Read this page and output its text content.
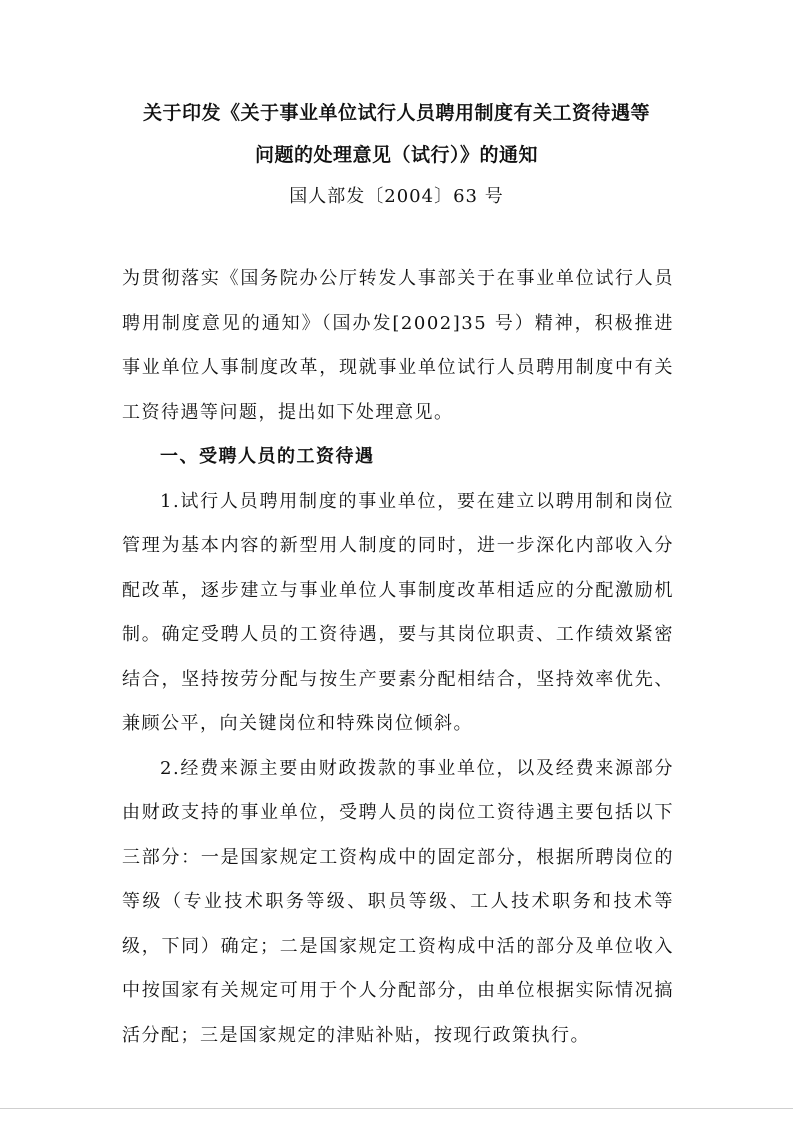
关于印发《关于事业单位试行人员聘用制度有关工资待遇等
问题的处理意见（试行）》的通知
国人部发〔2004〕63 号

为贯彻落实《国务院办公厅转发人事部关于在事业单位试行人员聘用制度意见的通知》（国办发[2002]35 号）精神，积极推进事业单位人事制度改革，现就事业单位试行人员聘用制度中有关工资待遇等问题，提出如下处理意见。

一、受聘人员的工资待遇

1.试行人员聘用制度的事业单位，要在建立以聘用制和岗位管理为基本内容的新型用人制度的同时，进一步深化内部收入分配改革，逐步建立与事业单位人事制度改革相适应的分配激励机制。确定受聘人员的工资待遇，要与其岗位职责、工作绩效紧密结合，坚持按劳分配与按生产要素分配相结合，坚持效率优先、兼顾公平，向关键岗位和特殊岗位倾斜。

2.经费来源主要由财政拨款的事业单位，以及经费来源部分由财政支持的事业单位，受聘人员的岗位工资待遇主要包括以下三部分：一是国家规定工资构成中的固定部分，根据所聘岗位的等级（专业技术职务等级、职员等级、工人技术职务和技术等级，下同）确定；二是国家规定工资构成中活的部分及单位收入中按国家有关规定可用于个人分配部分，由单位根据实际情况搞活分配；三是国家规定的津贴补贴，按现行政策执行。
